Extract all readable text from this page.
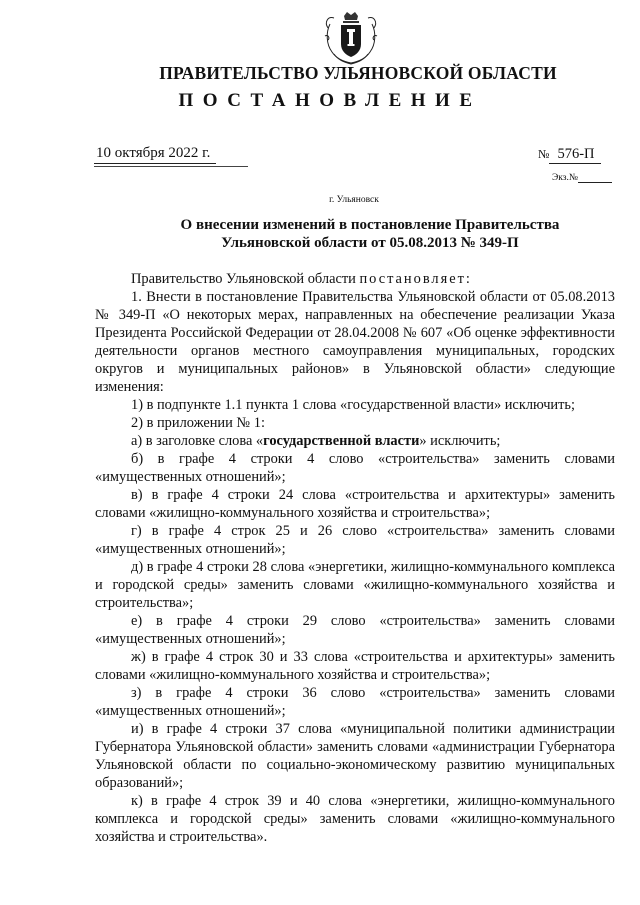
ПРАВИТЕЛЬСТВО УЛЬЯНОВСКОЙ ОБЛАСТИ
ПОСТАНОВЛЕНИЕ
10 октября 2022 г.	№ 576-П
Экз.№
г. Ульяновск
О внесении изменений в постановление Правительства
Ульяновской области от 05.08.2013 № 349-П

Правительство Ульяновской области постановляет:

1. Внести в постановление Правительства Ульяновской области от 05.08.2013 № 349-П «О некоторых мерах, направленных на обеспечение реализации Указа Президента Российской Федерации от 28.04.2008 № 607 «Об оценке эффективности деятельности органов местного самоуправления муниципальных, городских округов и муниципальных районов» в Ульяновской области» следующие изменения:

1) в подпункте 1.1 пункта 1 слова «государственной власти» исключить;

2) в приложении № 1:

а) в заголовке слова «государственной власти» исключить;

б) в графе 4 строки 4 слово «строительства» заменить словами «имущественных отношений»;

в) в графе 4 строки 24 слова «строительства и архитектуры» заменить словами «жилищно-коммунального хозяйства и строительства»;

г) в графе 4 строк 25 и 26 слово «строительства» заменить словами «имущественных отношений»;

д) в графе 4 строки 28 слова «энергетики, жилищно-коммунального комплекса и городской среды» заменить словами «жилищно-коммунального хозяйства и строительства»;

е) в графе 4 строки 29 слово «строительства» заменить словами «имущественных отношений»;

ж) в графе 4 строк 30 и 33 слова «строительства и архитектуры» заменить словами «жилищно-коммунального хозяйства и строительства»;

з) в графе 4 строки 36 слово «строительства» заменить словами «имущественных отношений»;

и) в графе 4 строки 37 слова «муниципальной политики администрации Губернатора Ульяновской области» заменить словами «администрации Губернатора Ульяновской области по социально-экономическому развитию муниципальных образований»;

к) в графе 4 строк 39 и 40 слова «энергетики, жилищно-коммунального комплекса и городской среды» заменить словами «жилищно-коммунального хозяйства и строительства».
